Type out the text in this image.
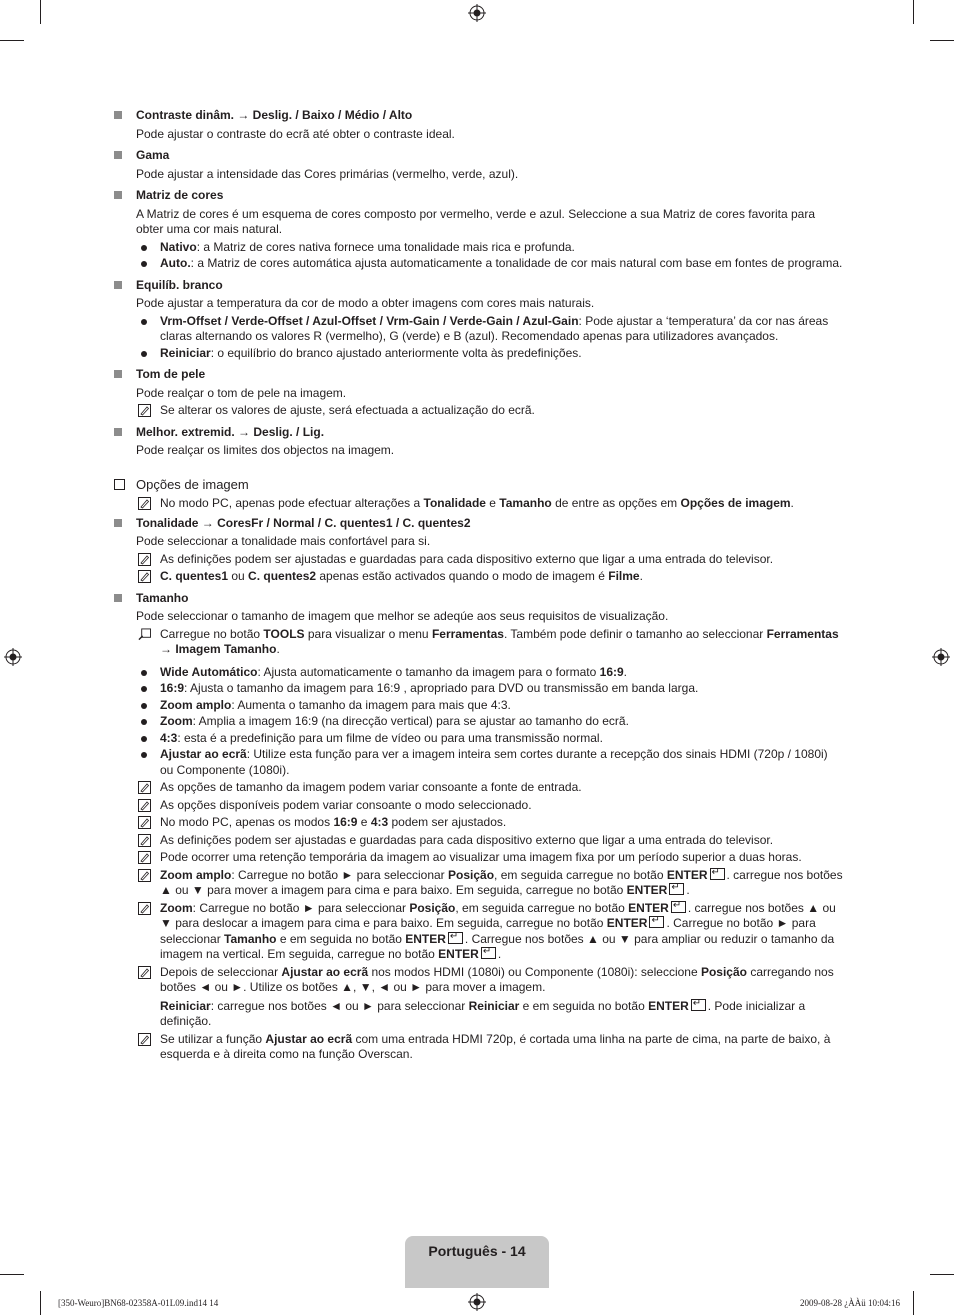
Contraste dinâm. → Deslig. / Baixo / Médio / Alto
Pode ajustar o contraste do ecrã até obter o contraste ideal.
Gama
Pode ajustar a intensidade das Cores primárias (vermelho, verde, azul).
Matriz de cores
A Matriz de cores é um esquema de cores composto por vermelho, verde e azul. Seleccione a sua Matriz de cores favorita para obter uma cor mais natural.
Nativo: a Matriz de cores nativa fornece uma tonalidade mais rica e profunda.
Auto.: a Matriz de cores automática ajusta automaticamente a tonalidade de cor mais natural com base em fontes de programa.
Equilíb. branco
Pode ajustar a temperatura da cor de modo a obter imagens com cores mais naturais.
Vrm-Offset / Verde-Offset / Azul-Offset / Vrm-Gain / Verde-Gain / Azul-Gain: Pode ajustar a ‘temperatura’ da cor nas áreas claras alternando os valores R (vermelho), G (verde) e B (azul). Recomendado apenas para utilizadores avançados.
Reiniciar: o equilíbrio do branco ajustado anteriormente volta às predefinições.
Tom de pele
Pode realçar o tom de pele na imagem.
Se alterar os valores de ajuste, será efectuada a actualização do ecrã.
Melhor. extremid. → Deslig. / Lig.
Pode realçar os limites dos objectos na imagem.
Opções de imagem
No modo PC, apenas pode efectuar alterações a Tonalidade e Tamanho de entre as opções em Opções de imagem.
Tonalidade → CoresFr / Normal / C. quentes1 / C. quentes2
Pode seleccionar a tonalidade mais confortável para si.
As definições podem ser ajustadas e guardadas para cada dispositivo externo que ligar a uma entrada do televisor.
C. quentes1 ou C. quentes2 apenas estão activados quando o modo de imagem é Filme.
Tamanho
Pode seleccionar o tamanho de imagem que melhor se adeqúe aos seus requisitos de visualização.
Carregue no botão TOOLS para visualizar o menu Ferramentas. Também pode definir o tamanho ao seleccionar Ferramentas → Imagem Tamanho.
Wide Automático: Ajusta automaticamente o tamanho da imagem para o formato 16:9.
16:9: Ajusta o tamanho da imagem para 16:9 , apropriado para DVD ou transmissão em banda larga.
Zoom amplo: Aumenta o tamanho da imagem para mais que 4:3.
Zoom: Amplia a imagem 16:9 (na direcção vertical) para se ajustar ao tamanho do ecrã.
4:3: esta é a predefinição para um filme de vídeo ou para uma transmissão normal.
Ajustar ao ecrã: Utilize esta função para ver a imagem inteira sem cortes durante a recepção dos sinais HDMI (720p / 1080i) ou Componente (1080i).
As opções de tamanho da imagem podem variar consoante a fonte de entrada.
As opções disponíveis podem variar consoante o modo seleccionado.
No modo PC, apenas os modos 16:9 e 4:3 podem ser ajustados.
As definições podem ser ajustadas e guardadas para cada dispositivo externo que ligar a uma entrada do televisor.
Pode ocorrer uma retenção temporária da imagem ao visualizar uma imagem fixa por um período superior a duas horas.
Zoom amplo: Carregue no botão ► para seleccionar Posição, em seguida carregue no botão ENTER ↵ . carregue nos botões ▲ ou ▼ para mover a imagem para cima e para baixo. Em seguida, carregue no botão ENTER ↵ .
Zoom: Carregue no botão ► para seleccionar Posição, em seguida carregue no botão ENTER ↵ . carregue nos botões ▲ ou ▼ para deslocar a imagem para cima e para baixo. Em seguida, carregue no botão ENTER ↵ . Carregue no botão ► para seleccionar Tamanho e em seguida no botão ENTER ↵ . Carregue nos botões ▲ ou ▼ para ampliar ou reduzir o tamanho da imagem na vertical. Em seguida, carregue no botão ENTER ↵ .
Depois de seleccionar Ajustar ao ecrã nos modos HDMI (1080i) ou Componente (1080i): seleccione Posição carregando nos botões ◄ ou ►. Utilize os botões ▲, ▼, ◄ ou ► para mover a imagem.
Reiniciar: carregue nos botões ◄ ou ► para seleccionar Reiniciar e em seguida no botão ENTER ↵ . Pode inicializar a definição.
Se utilizar a função Ajustar ao ecrã com uma entrada HDMI 720p, é cortada uma linha na parte de cima, na parte de baixo, à esquerda e à direita como na função Overscan.
Português - 14
[350-Weuro]BN68-02358A-01L09.ind14 14	2009-08-28 ¿ÀÀü 10:04:16
